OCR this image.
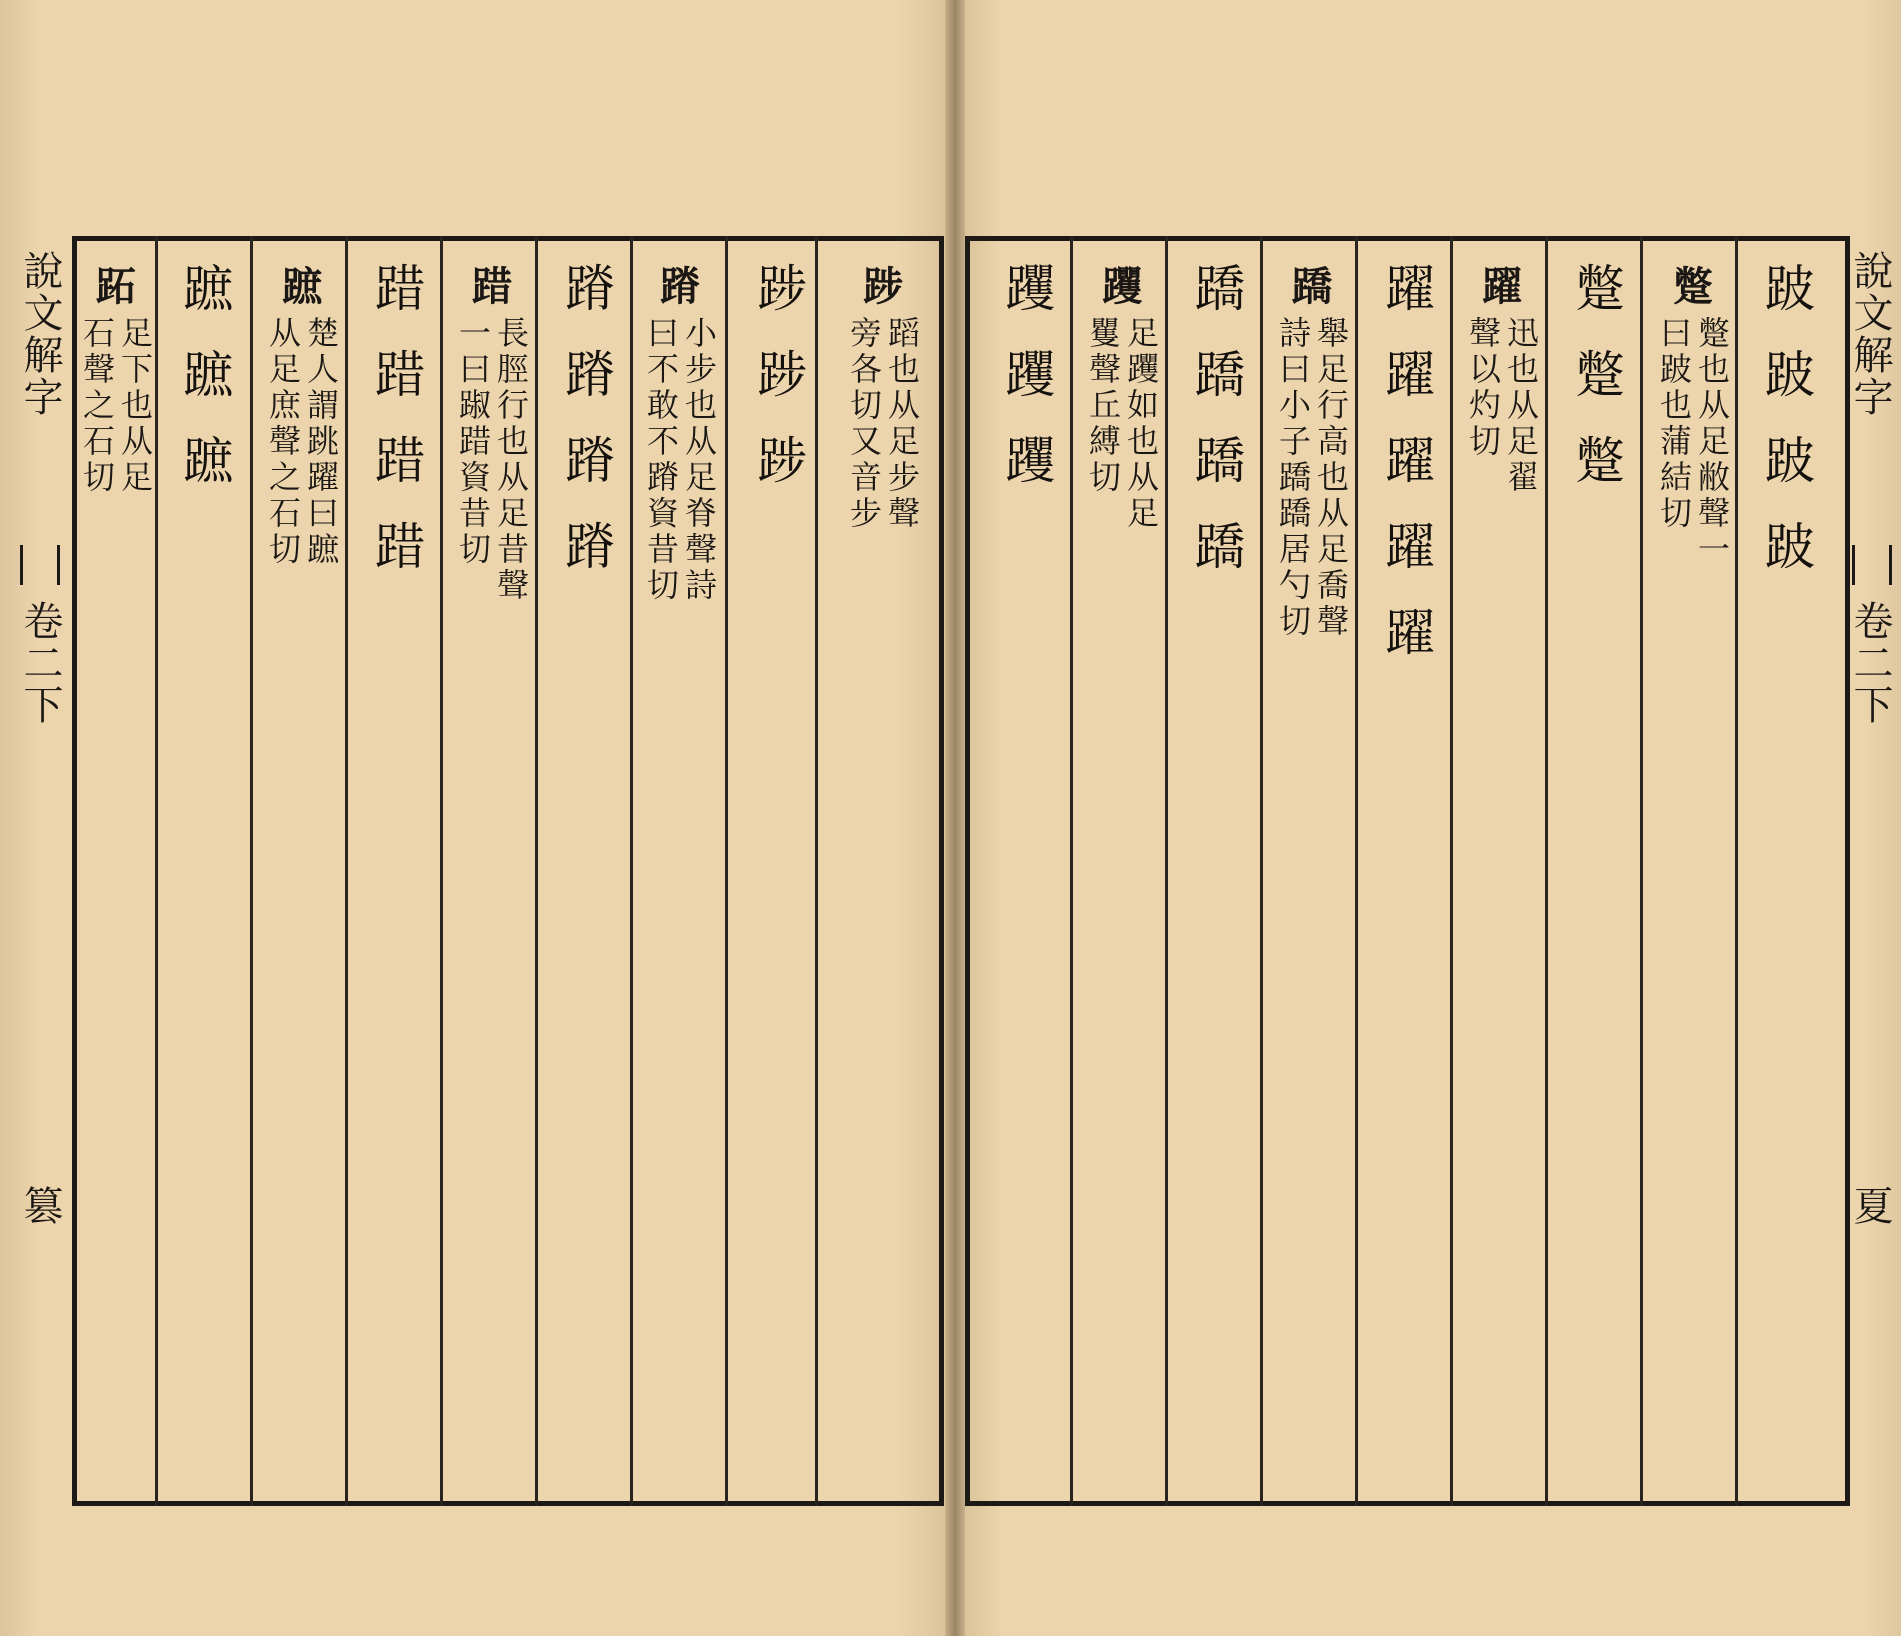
說文解字
卷二下
篡
說文解字
卷二下
夏
踄
蹈也从足步聲
旁各切又音步
踄踄踄
蹐
小步也从足脊聲詩
曰不敢不蹐資昔切
蹐蹐蹐蹐
踖
長脛行也从足昔聲
一曰踧踖資昔切
踖踖踖踖
蹠
楚人謂跳躍曰蹠
从足庶聲之石切
蹠蹠蹠
跖
足下也从足
石聲之石切	跛跛跛跛
蹩
蹩也从足敝聲一
曰跛也蒲結切
蹩蹩蹩
躍
迅也从足翟
聲以灼切
躍躍躍躍躍
蹻
舉足行高也从足喬聲
詩曰小子蹻蹻居勺切
蹻蹻蹻蹻
躩
足躩如也从足
矍聲丘縛切
躩躩躩
